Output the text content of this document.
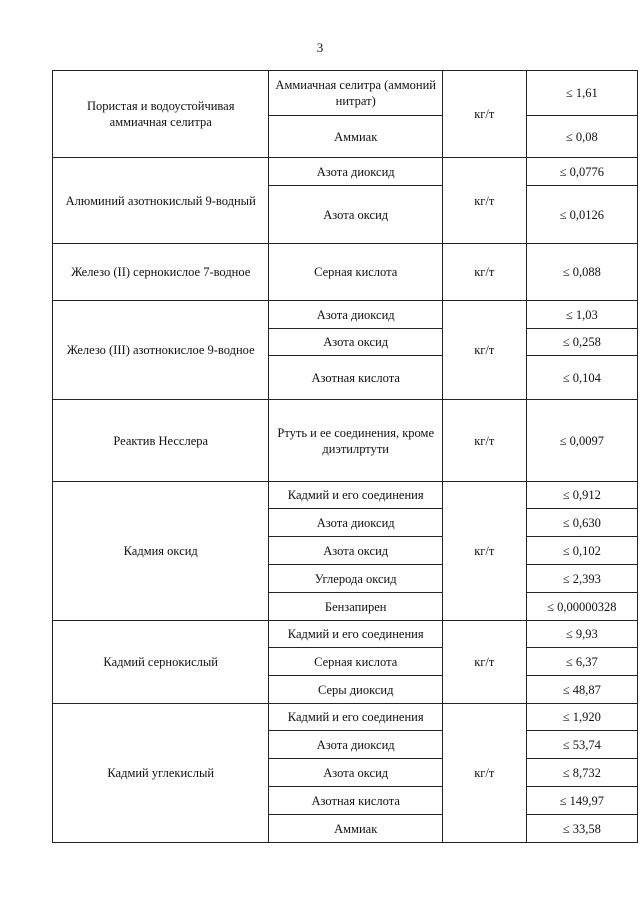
3
Пористая и водоустойчивая аммиачная селитра	Аммиачная селитра (аммоний нитрат)	кг/т	≤ 1,61
	Аммиак		≤ 0,08
Алюминий азотнокислый 9-водный	Азота диоксид	кг/т	≤ 0,0776
	Азота оксид		≤ 0,0126
Железо (II) сернокислое 7-водное	Серная кислота	кг/т	≤ 0,088
Железо (III) азотнокислое 9-водное	Азота диоксид	кг/т	≤ 1,03
	Азота оксид		≤ 0,258
	Азотная кислота		≤ 0,104
Реактив Несслера	Ртуть и ее соединения, кроме диэтилртути	кг/т	≤ 0,0097
Кадмия оксид	Кадмий и его соединения	кг/т	≤ 0,912
	Азота диоксид		≤ 0,630
	Азота оксид		≤ 0,102
	Углерода оксид		≤ 2,393
	Бензапирен		≤ 0,00000328
Кадмий сернокислый	Кадмий и его соединения	кг/т	≤ 9,93
	Серная кислота		≤ 6,37
	Серы диоксид		≤ 48,87
Кадмий углекислый	Кадмий и его соединения	кг/т	≤ 1,920
	Азота диоксид		≤ 53,74
	Азота оксид		≤ 8,732
	Азотная кислота		≤ 149,97
	Аммиак		≤ 33,58
